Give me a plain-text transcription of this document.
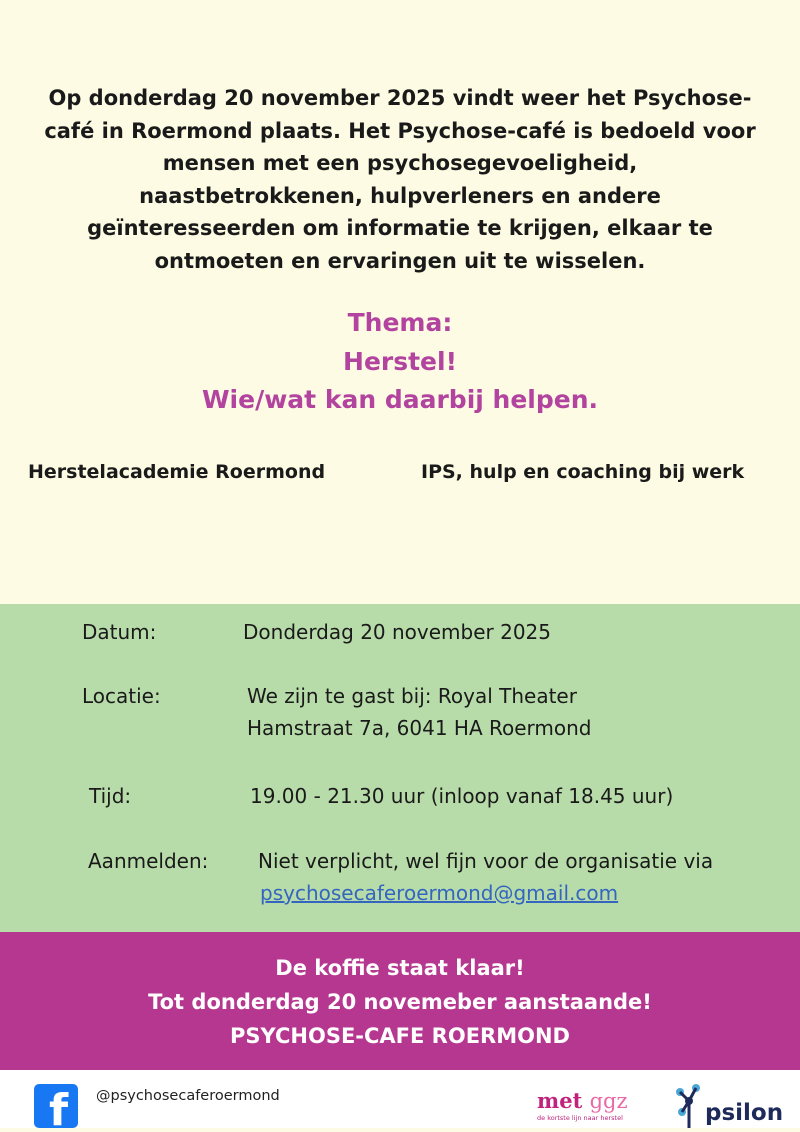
Op donderdag 20 november 2025 vindt weer het Psychose-
café in Roermond plaats. Het Psychose-café is bedoeld voor
mensen met een psychosegevoeligheid,
naastbetrokkenen, hulpverleners en andere
geïnteresseerden om informatie te krijgen, elkaar te
ontmoeten en ervaringen uit te wisselen.
Thema:
Herstel!
Wie/wat kan daarbij helpen.
Herstelacademie Roermond	IPS, hulp en coaching bij werk
Datum:	Donderdag 20 november 2025
Locatie:	We zijn te gast bij: Royal Theater
Hamstraat 7a, 6041 HA Roermond
Tijd:	19.00 - 21.30 uur (inloop vanaf 18.45 uur)
Aanmelden: Niet verplicht, wel fijn voor de organisatie via
psychosecaferoermond@gmail.com
De koffie staat klaar!
Tot donderdag 20 novemeber aanstaande!
PSYCHOSE-CAFE ROERMOND
f @psychosecaferoermond	met ggz
de kortste lijn naar herstel	psilon
